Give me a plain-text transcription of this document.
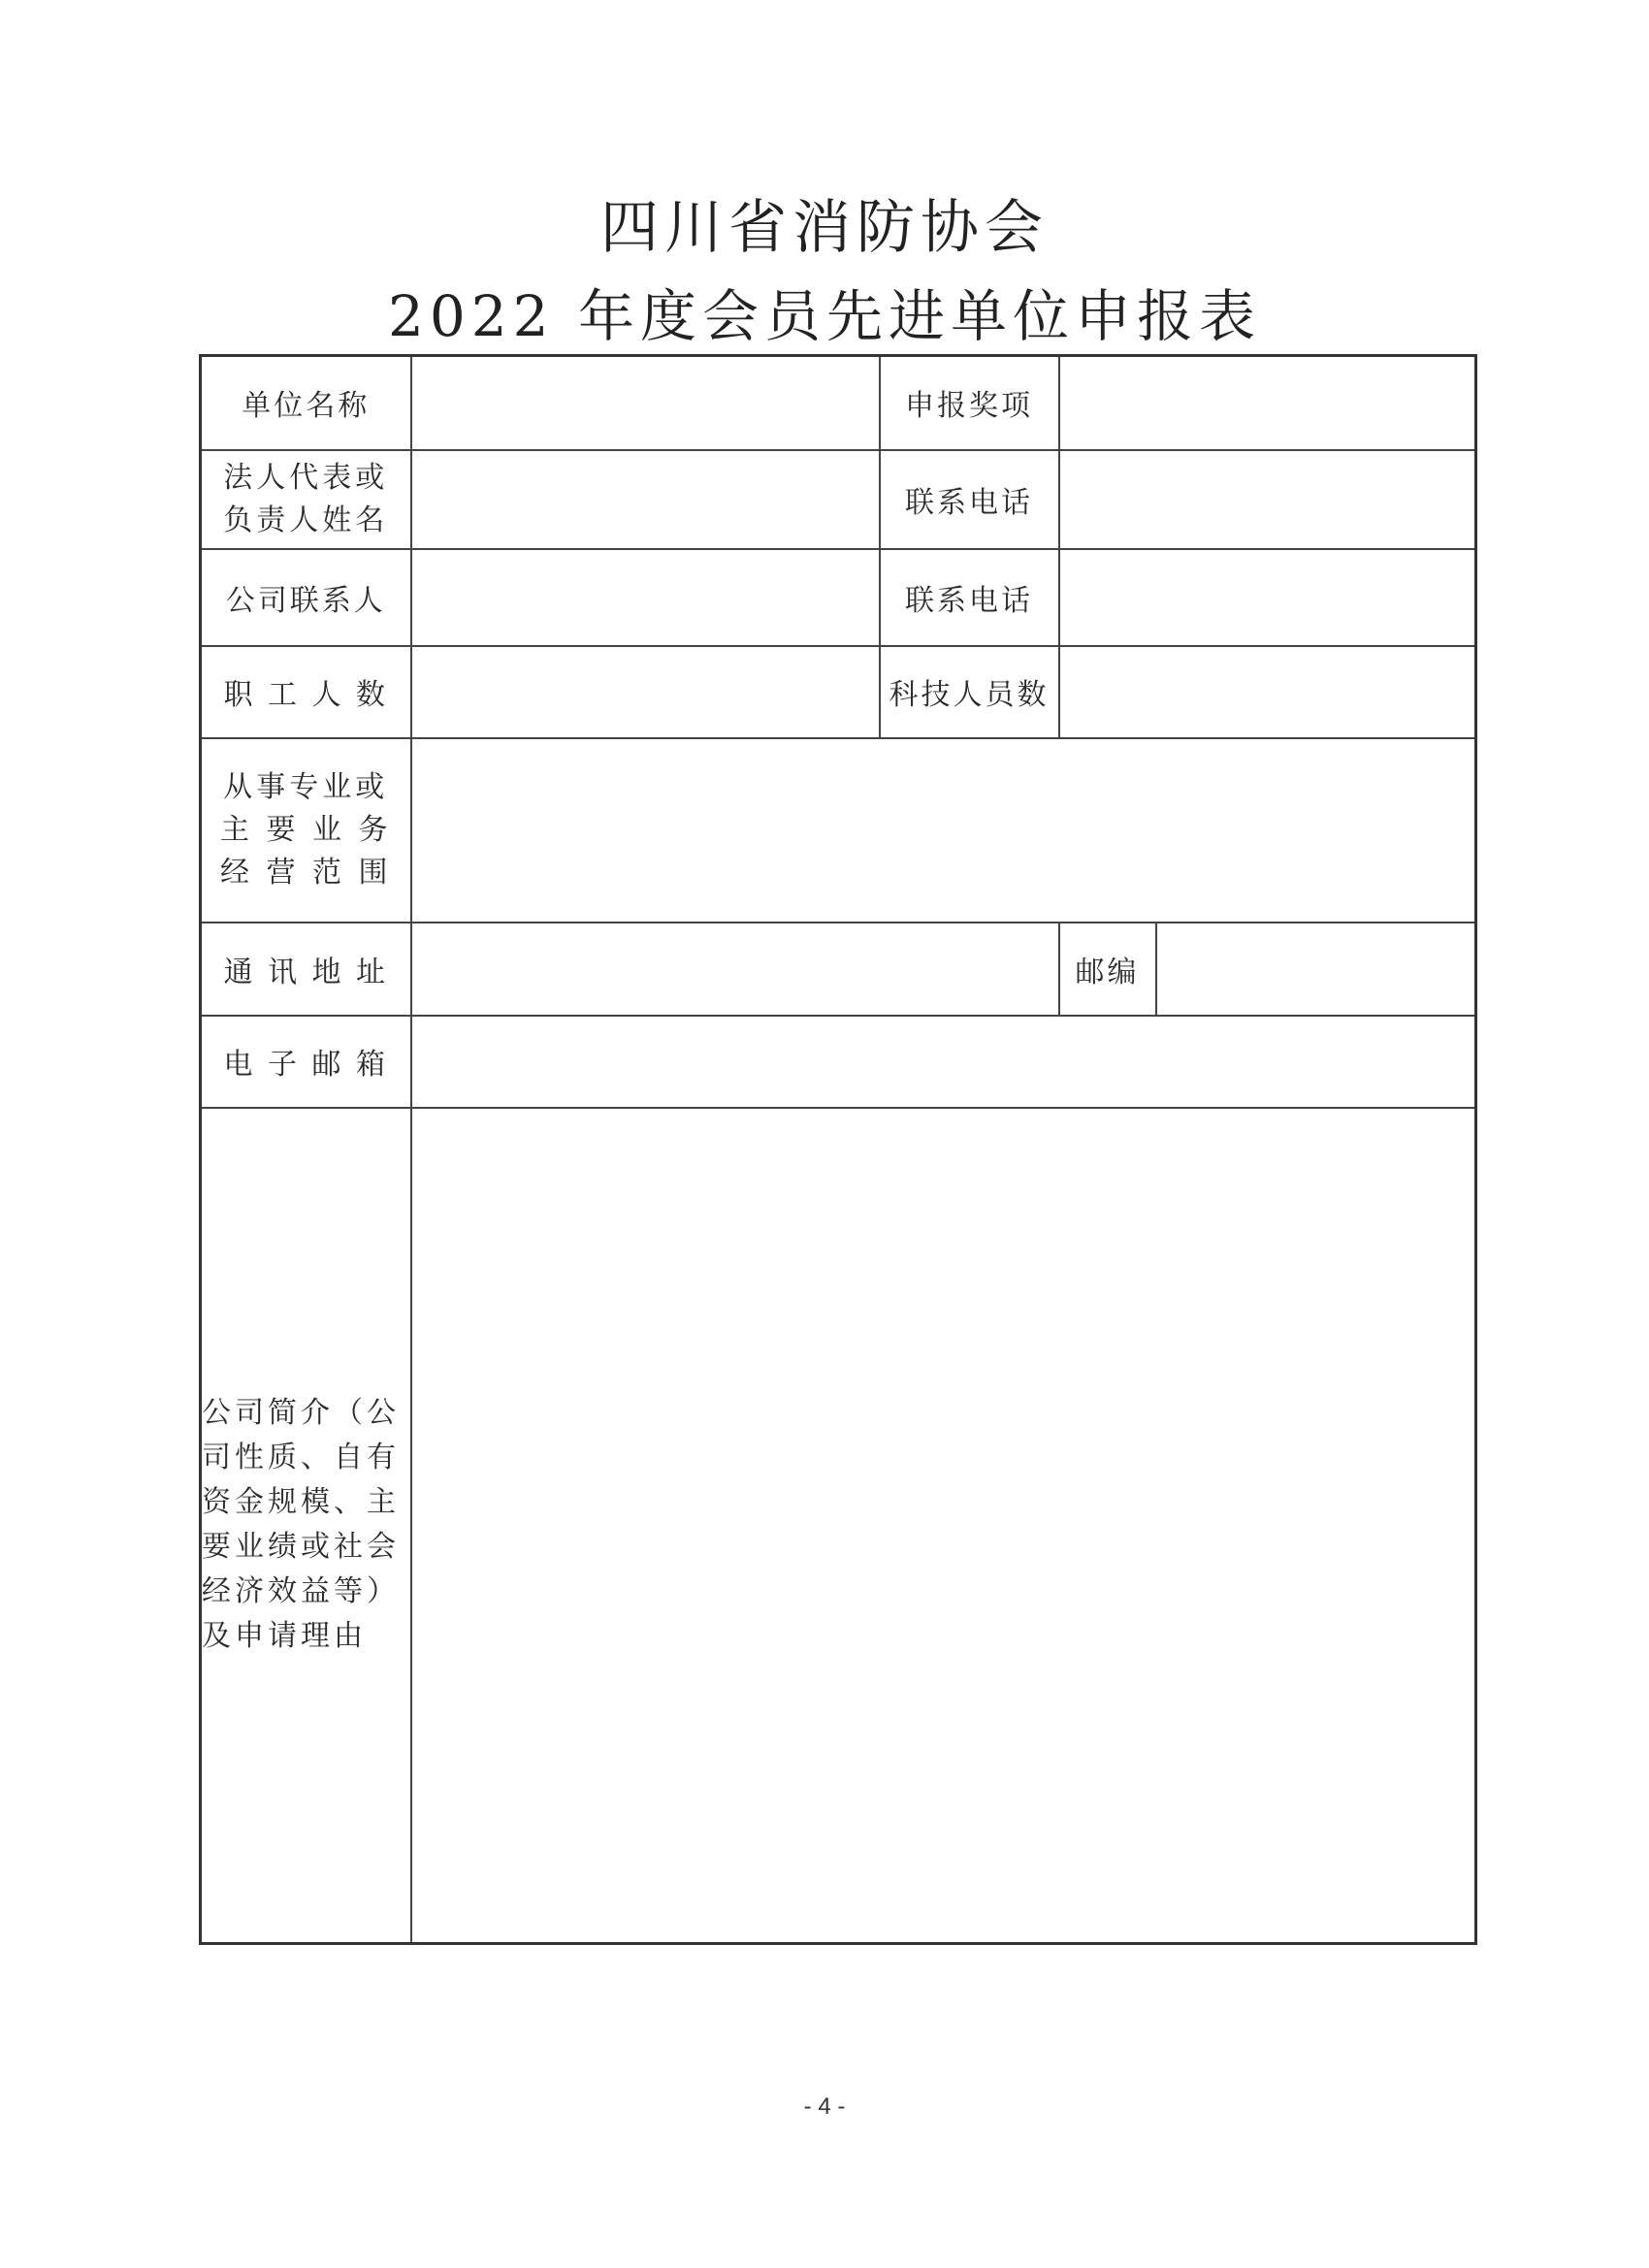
四川省消防协会
2022 年度会员先进单位申报表
单位名称		申报奖项		

法人代表或
负责人姓名		联系电话		
公司联系人		联系电话		
职 工 人 数		科技人员数		

从事专业或
主 要 业 务
经 营 范 围				

通 讯 地 址			邮编	
电 子 邮 箱				
公司简介（公司性质、自有资金规模、主要业绩或社会经济效益等）及申请理由				
- 4 -
